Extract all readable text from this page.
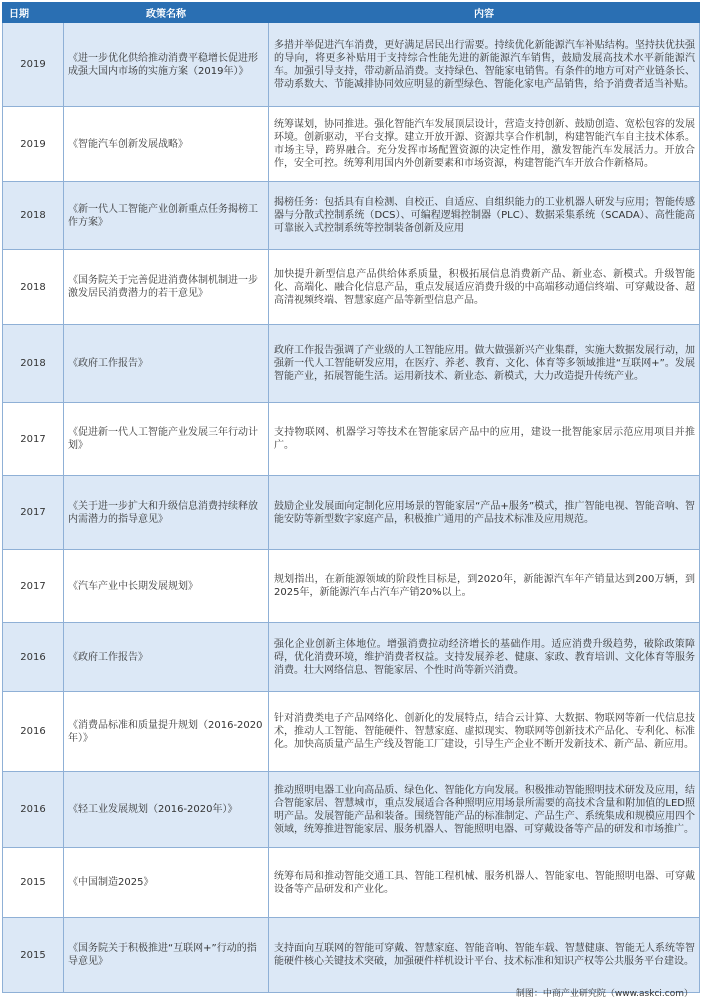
日期	政策名称	内容
2019	《进一步优化供给推动消费平稳增长促进形成强大国内市场的实施方案（2019年）》	多措并举促进汽车消费，更好满足居民出行需要。持续优化新能源汽车补贴结构。坚持扶优扶强的导向，将更多补贴用于支持综合性能先进的新能源汽车销售，鼓励发展高技术水平新能源汽车。加强引导支持，带动新品消费。支持绿色、智能家电销售。有条件的地方可对产业链条长、带动系数大、节能减排协同效应明显的新型绿色、智能化家电产品销售，给予消费者适当补贴。
2019	《智能汽车创新发展战略》	统筹谋划，协同推进。强化智能汽车发展顶层设计，营造支持创新、鼓励创造、宽松包容的发展环境。创新驱动，平台支撑。建立开放开源、资源共享合作机制，构建智能汽车自主技术体系。市场主导，跨界融合。充分发挥市场配置资源的决定性作用，激发智能汽车发展活力。开放合作，安全可控。统筹利用国内外创新要素和市场资源，构建智能汽车开放合作新格局。
2018	《新一代人工智能产业创新重点任务揭榜工作方案》	揭榜任务：包括具有自检测、自校正、自适应、自组织能力的工业机器人研发与应用；智能传感器与分散式控制系统（DCS）、可编程逻辑控制器（PLC）、数据采集系统（SCADA）、高性能高可靠嵌入式控制系统等控制装备创新及应用
2018	《国务院关于完善促进消费体制机制进一步激发居民消费潜力的若干意见》	加快提升新型信息产品供给体系质量，积极拓展信息消费新产品、新业态、新模式。升级智能化、高端化、融合化信息产品，重点发展适应消费升级的中高端移动通信终端、可穿戴设备、超高清视频终端、智慧家庭产品等新型信息产品。
2018	《政府工作报告》	政府工作报告强调了产业级的人工智能应用。做大做强新兴产业集群，实施大数据发展行动，加强新一代人工智能研发应用，在医疗、养老、教育、文化、体育等多领域推进“互联网+”。发展智能产业，拓展智能生活。运用新技术、新业态、新模式，大力改造提升传统产业。
2017	《促进新一代人工智能产业发展三年行动计划》	支持物联网、机器学习等技术在智能家居产品中的应用，建设一批智能家居示范应用项目并推广。
2017	《关于进一步扩大和升级信息消费持续释放内需潜力的指导意见》	鼓励企业发展面向定制化应用场景的智能家居“产品+服务”模式，推广智能电视、智能音响、智能安防等新型数字家庭产品，积极推广通用的产品技术标准及应用规范。
2017	《汽车产业中长期发展规划》	规划指出，在新能源领域的阶段性目标是，到2020年，新能源汽车年产销量达到200万辆，到2025年，新能源汽车占汽车产销20%以上。
2016	《政府工作报告》	强化企业创新主体地位。增强消费拉动经济增长的基础作用。适应消费升级趋势，破除政策障碍，优化消费环境，维护消费者权益。支持发展养老、健康、家政、教育培训、文化体育等服务消费。壮大网络信息、智能家居、个性时尚等新兴消费。
2016	《消费品标准和质量提升规划（2016-2020年）》	针对消费类电子产品网络化、创新化的发展特点，结合云计算、大数据、物联网等新一代信息技术，推动人工智能、智能硬件、智慧家庭、虚拟现实、物联网等创新技术产品化、专利化、标准化。加快高质量产品生产线及智能工厂建设，引导生产企业不断开发新技术、新产品、新应用。
2016	《轻工业发展规划（2016-2020年）》	推动照明电器工业向高品质、绿色化、智能化方向发展。积极推动智能照明技术研发及应用，结合智能家居、智慧城市，重点发展适合各种照明应用场景所需要的高技术含量和附加值的LED照明产品。发展智能产品和装备。围绕智能产品的标准制定、产品生产、系统集成和规模应用四个领域，统筹推进智能家居、服务机器人、智能照明电器、可穿戴设备等产品的研发和市场推广。
2015	《中国制造2025》	统筹布局和推动智能交通工具、智能工程机械、服务机器人、智能家电、智能照明电器、可穿戴设备等产品研发和产业化。
2015	《国务院关于积极推进“互联网+”行动的指导意见》	支持面向互联网的智能可穿戴、智慧家庭、智能音响、智能车载、智慧健康、智能无人系统等智能硬件核心关键技术突破，加强硬件样机设计平台、技术标准和知识产权等公共服务平台建设。
制图：中商产业研究院（www.askci.com）
